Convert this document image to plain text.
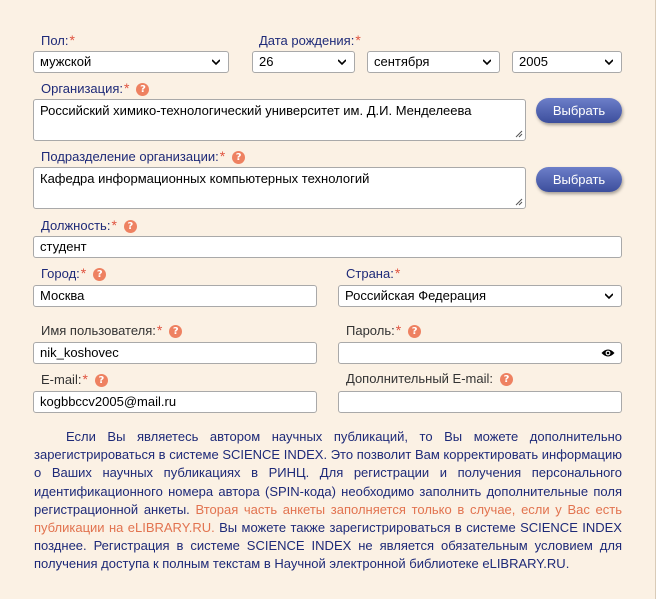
Пол:*
мужской
Дата рождения:*
26	сентября	2005
Организация:* ?
Российский химико-технологический университет им. Д.И. Менделеева	Выбрать
Подразделение организации:* ?
Кафедра информационных компьютерных технологий	Выбрать
Должность:* ?
студент
Город:* ?
Москва
Страна:*
Российская Федерация
Имя пользователя:* ?
nik_koshovec
Пароль:* ?
E-mail:* ?
kogbbccv2005@mail.ru
Дополнительный E-mail: ?
Если Вы являетесь автором научных публикаций, то Вы можете дополнительно зарегистрироваться в системе SCIENCE INDEX. Это позволит Вам корректировать информацию о Ваших научных публикациях в РИНЦ. Для регистрации и получения персонального идентификационного номера автора (SPIN-кода) необходимо заполнить дополнительные поля регистрационной анкеты. Вторая часть анкеты заполняется только в случае, если у Вас есть публикации на eLIBRARY.RU. Вы можете также зарегистрироваться в системе SCIENCE INDEX позднее. Регистрация в системе SCIENCE INDEX не является обязательным условием для получения доступа к полным текстам в Научной электронной библиотеке eLIBRARY.RU.
